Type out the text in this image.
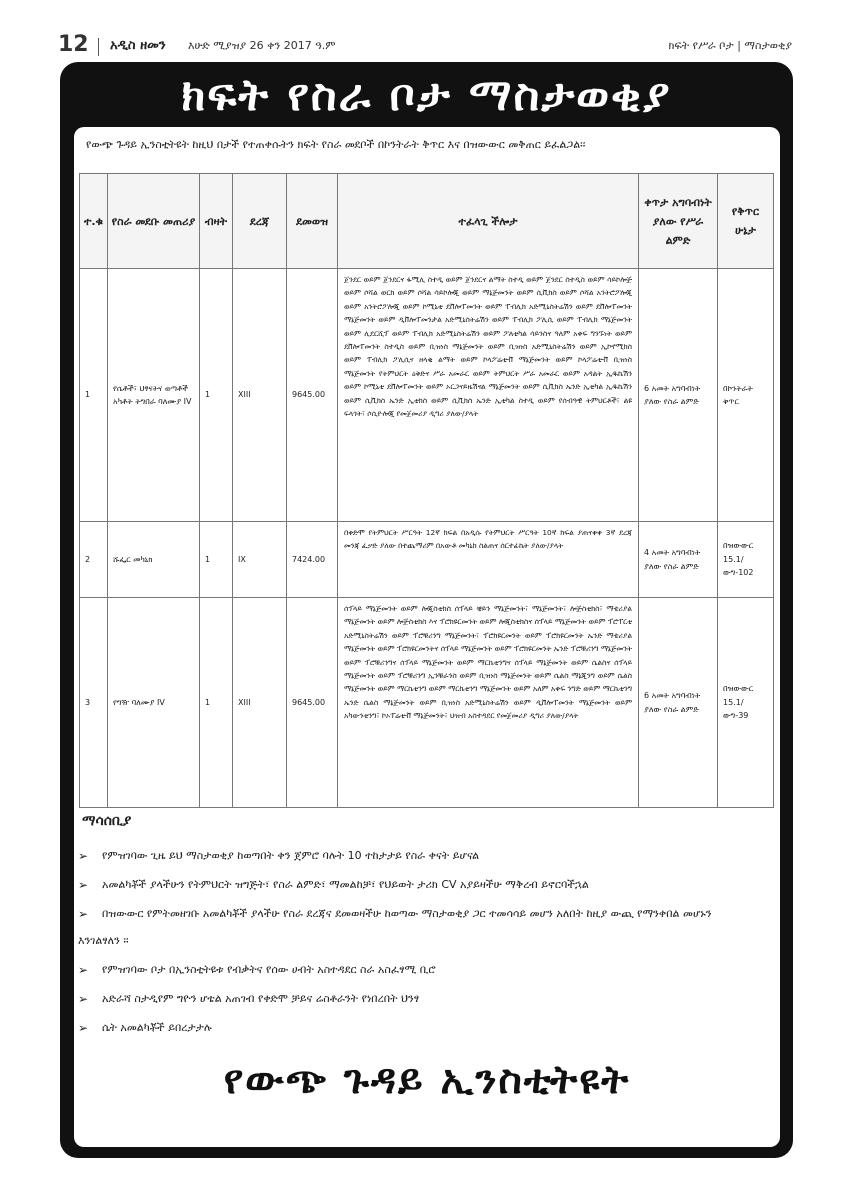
12 አዲስ ዘመን እሁድ ሚያዝያ 26 ቀን 2017 ዓ.ም	ክፍት የሥራ ቦታ | ማስታወቂያ
ክፍት የስራ ቦታ ማስታወቂያ
የውጭ ጉዳይ ኢንስቲትዩት ከዚህ በታች የተጠቀሱትን ክፍት የስራ መደቦች በኮንትራት ቅጥር እና በዝውውር መቅጠር ይፈልጋል፡፡
ተ.ቁ	የስራ መደቡ መጠሪያ	ብዛት	ደረጃ	ደመወዝ	ተፈላጊ ችሎታ	ቀጥታ አግባብነት ያለው የሥራ ልምድ	የቅጥር ሁኔታ
1	የሴቶች፣ ህፃናትና ወጣቶች አካቶት ትግበራ ባለሙያ IV	1	XIII	9645.00	ጀንደር ወይም ጀንደርና ፋሚሊ ስተዲ ወይም ጀንደርና ልማት ስተዲ ወይም ጀንደር ስተዲስ ወይም ሳይኮሎጅ ወይም ሶሻል ወርክ ወይም ሶሻል ሳይኮሎጂ ወይም ማኔጅመንት ወይም ሲቪክስ ወይም ሶሻል አንትሮፖሎጂ ወይም አንትሮፖሎጂ ወይም ኮሚኒቲ ደቨሎፐመንት ወይም ፐብሊክ አድሚኒስትሬሽን ወይም ደቨሎፐመንት ማኔጅመንት ወይም ዲቨሎፐመንታል አድሚኒስትሬሽን ወይም ፐብሊክ ፖሊሲ ወይም ፐብሊክ ማኔጅመንት ወይም ሊደርሺፕ ወይም ፐብሊክ አድሚኒስትሬሽን ወይም ፖለቲካል ሳይንስና ዓለም አቀፍ ግንኙነት ወይም ደቨሎፐመንት ስተዲስ ወይም ቢዝነስ ማኔጅመንት ወይም ቢዝነስ አድሚኒስትሬሽን ወይም ኢኮኖሚክስ ወይም ፐብሊክ ፖሊሲና ዘላቂ ልማት ወይም ኮላፖሬቲቭ ማኔጅመንት ወይም ኮላፖሬቲቭ ቢዝነስ ማኔጅመንት የትምህርት ዕቅድና ሥራ አመራር ወይም ትምህርት ሥራ አመራር ወይም አዳልት ኢዱኬሽን ወይም ኮሚኒቲ ደቨሎፐመንት ወይም ኦርጋናይዜሽናል ማኔጅመንት ወይም ሲቪክስ ኤንድ ኢቲካል ኢዱኬሽን ወይም ሲቪክስ ኤንድ ኢቲክስ ወይም ሲቪክስ ኤንድ ኢቲካል ስተዲ ወይም የሰብዓዊ ትምህርቶች፣ ልዩ ፍላጎት፣ ሶሲዮሎጂ የመጀመሪያ ዲግሪ ያለው/ያላት	6 አመት አግባብነት ያለው የስራ ልምድ	በኮንትራት ቅጥር
2	ሹፌር መካኒክ	1	IX	7424.00	በቀድሞ የትምህርት ሥርዓት 12ኛ ክፍል በአዲሱ የትምህርት ሥርዓት 10ኛ ክፍል ያጠናቀቀ 3ኛ ደረጃ መንጃ ፈቃድ ያለው በተጨማሪም በአውቶ መካኒክ ስልጠና ሰርተፊኬት ያለው/ያላት	4 አመት አግባብነት ያለው የስራ ልምድ	በዝውውር 15.1/ውግ-102
3	የግዥ ባለሙያ IV	1	XIII	9645.00	ሰፕላይ ማኔጅመንት ወይም ሎጂስቲክስ ሰፕላይ ቼይን ማኔጅመንት፣ ማኔጅመንት፣ ሎጅስቲክስ፣ ማቴሪያል ማኔጅመንት ወይም ሎጅስቲክስ እና ፕሮክዩርመንት ወይም ሎጂስቲክስና ሰፕላይ ማኔጅመንት ወይም ፕሮፐርቲ አድሚኒስትሬሽን ወይም ፕሮቹሪንግ ማኔጅመንት፣ ፕሮክዩርመንት ወይም ፕሮክዩርመንት ኤንድ ማቴሪያል ማኔጅመንት ወይም ፕሮክዩርመንትና ሰፕላይ ማኔጅመንት ወይም ፕሮክዩርመንት ኤንድ ፕሮቹሪንግ ማኔጅመንት ወይም ፕሮቹሪንግና ሰፕላይ ማኔጅመንት ወይም ማርኬቲንግና ሰፕላይ ማኔጅመንት ወይም ሴልስና ሰፕላይ ማኔጅመንት ወይም ፕሮቹሪንግ ኢንቹራንስ ወይም ቢዝነስ ማኔጅመንት ወይም ሴልስ ማኔጂንግ ወይም ሴልስ ማኔጅመንት ወይም ማርኬቲንግ ወይም ማርኬቲንግ ማኔጅመንት ወይም አለም አቀፍ ንግድ ወይም ማርኬቲንግ ኤንድ ሴልስ ማኔጅመንት ወይም ቢዝነስ አድሚኒስትሬሽን ወይም ዲቨሎፐመንት ማኔጅመንት ወይም አካውንቲንግ፣ ኮኦፐሬቲቭ ማኔጅመንት፣ ህዝብ አስተዳደር የመጀመሪያ ዲግሪ ያለው/ያላት	6 አመት አግባብነት ያለው የስራ ልምድ	በዝውውር 15.1/ውግ-39
ማሳሰቢያ
➢ የምዝገባው ጊዜ ይህ ማስታወቂያ ከወጣበት ቀን ጀምሮ ባሉት 10 ተከታታይ የስራ ቀናት ይሆናል
➢ አመልካቾች ያላችሁን የትምህርት ዝግጅት፣ የስራ ልምድ፣ ማመልከቻ፣ የህይወት ታሪክ CV አያይዛችሁ ማቅረብ ይኖርባችኋል
➢ በዝውውር የምትመዘገቡ አመልካቾች ያላችሁ የስራ ደረጃና ደመወዛችሁ ከወጣው ማስታወቂያ ጋር ተመሳሳይ መሆን አለበት ከዚያ ውጪ የማንቀበል መሆኑን
እንገልፃለን ፡፡
➢ የምዝገባው ቦታ በኢንስቲትዩቱ የብቃትና የሰው ሀብት አስተዳደር ስራ አስፈፃሚ ቢሮ
➢ አድራሻ ስታዲየም ግዮን ሆቴል አጠገብ የቀድሞ ቻይና ሬስቶራንት የነበረበት ህንፃ
➢ ሴት አመልካቾች ይበረታታሉ
የውጭ ጉዳይ ኢንስቲትዩት
